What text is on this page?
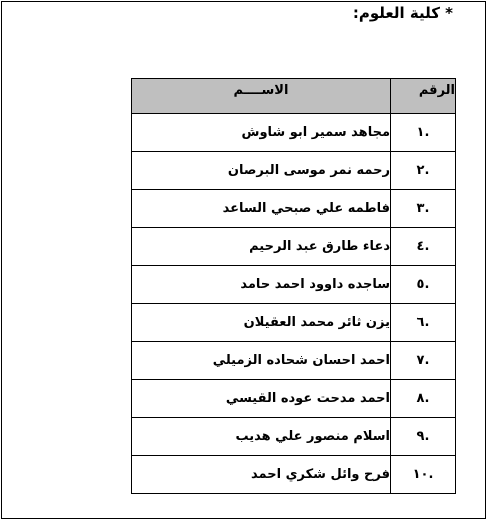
* كلية العلوم:
الرقم	الاســــم
.١	مجاهد سمير ابو شاوش
.٢	رحمه نمر موسى البرصان
.٣	فاطمه علي صبحي الساعد
.٤	دعاء طارق عبد الرحيم
.٥	ساجده داوود احمد حامد
.٦	يزن ثائر محمد العقيلان
.٧	احمد احسان شحاده الزميلي
.٨	احمد مدحت عوده القيسي
.٩	اسلام منصور علي هديب
.١٠	فرح وائل شكري احمد
